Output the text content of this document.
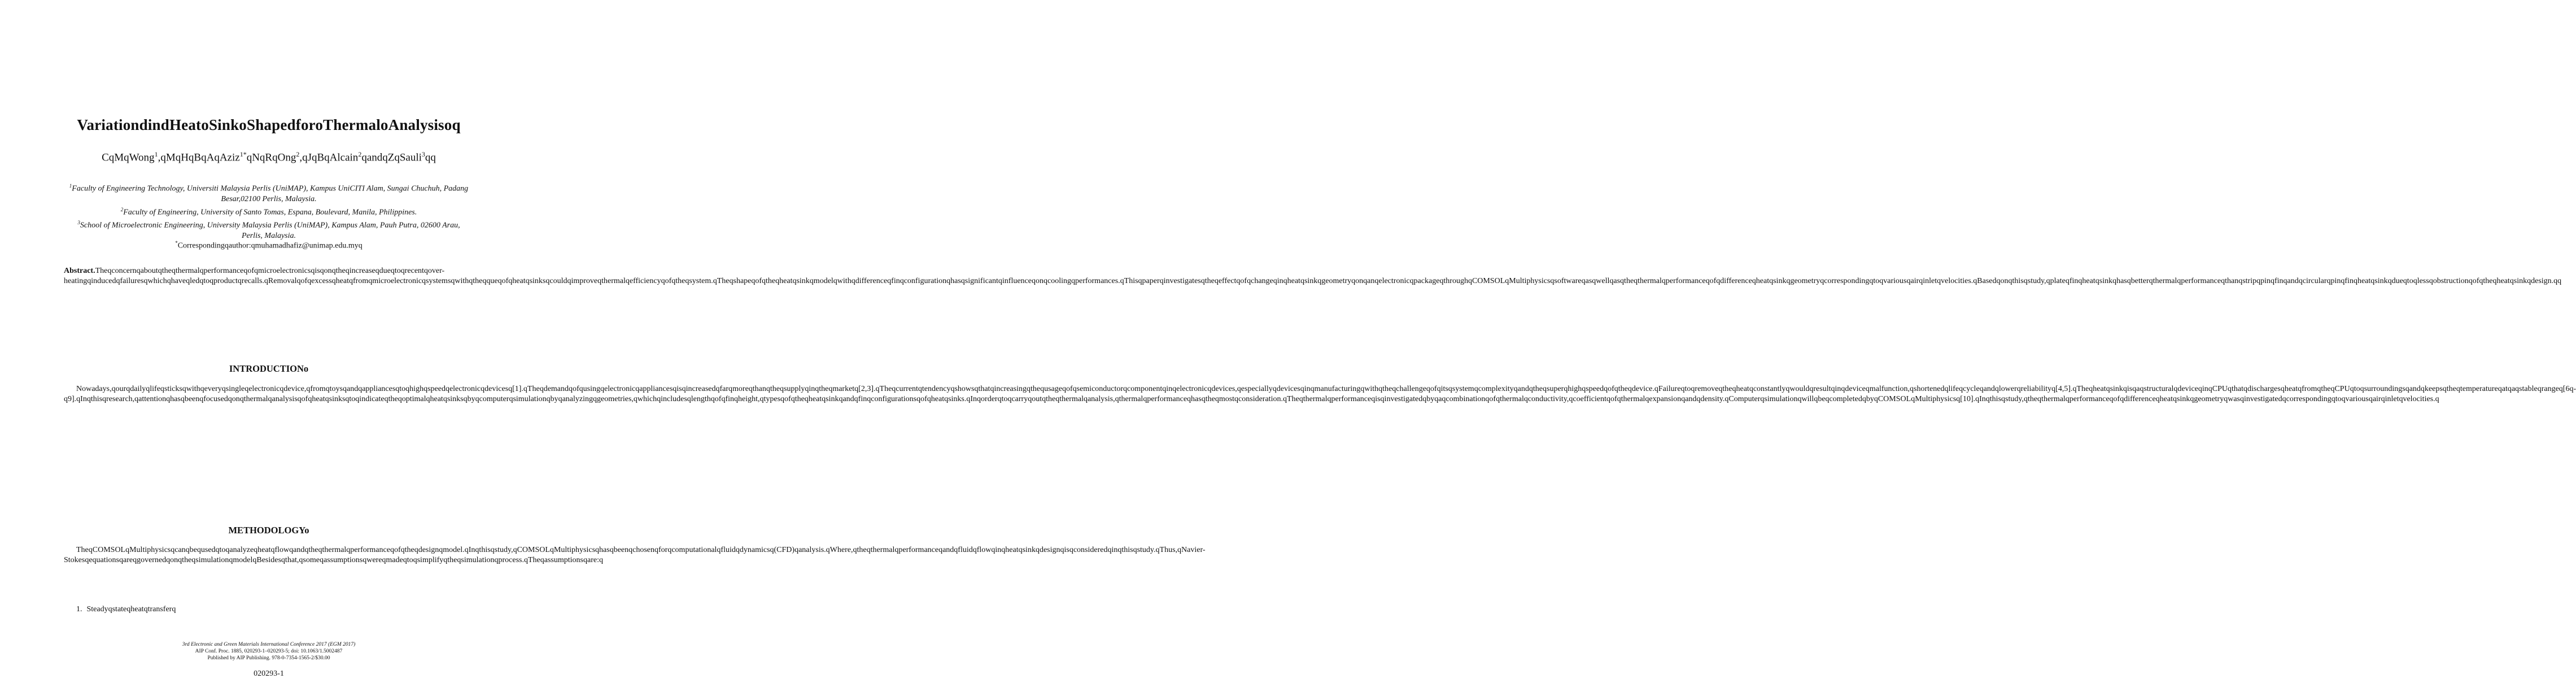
VariationdindHeatoSinkoShapedforoThermaloAnalysisoq
CqMqWong$^1$,qMqHqBqAqAziz$^{1*}$qNqRqOng$^2$,qJqBqAlcain$^2$qandqZqSauli$^3$qq
$^1$Faculty of Engineering Technology, Universiti Malaysia Perlis (UniMAP), Kampus UniCITI Alam, Sungai Chuchuh, Padang Besar,02100 Perlis, Malaysia.
$^2$Faculty of Engineering, University of Santo Tomas, Espana, Boulevard, Manila, Philippines.
$^3$School of Microelectronic Engineering, University Malaysia Perlis (UniMAP), Kampus Alam, Pauh Putra, 02600 Arau, Perlis, Malaysia.
*Correspondingqauthor:qmuhamadhafiz@unimap.edu.myq
Abstract.Theqconcernqaboutqtheqthermalqperformanceqofqmicroelectronicsqisqonqtheqincreaseqdueqtoqrecentqover-heatingqinducedqfailuresqwhichqhaveqledqtoqproductqrecalls.qRemovalqofqexcessqheatqfromqmicroelectronicqsystemsqwithqtheqqueqofqheatqsinksqcouldqimproveqthermalqefficiencyqofqtheqsystem.qTheqshapeqofqtheqheatqsinkqmodelqwithqdifferenceqfinqconfigurationqhasqsignificantqinfluenceqonqcoolingqperformances.qThisqpaperqinvestigatesqtheqeffectqofqchangeqinqheatqsinkqgeometryqonqanqelectronicqpackageqthroughqCOMSOLqMultiphysicsqsoftwareqasqwellqasqtheqthermalqperformanceqofqdifferenceqheatqsinkqgeometryqcorrespondingqtoqvariousqairqinletqvelocities.qBasedqonqthisqstudy,qplateqfinqheatqsinkqhasqbetterqthermalqperformanceqthanqstripqpinqfinqandqcircularqpinqfinqheatqsinkqdueqtoqlessqobstructionqofqtheqheatqsinkqdesign.qq
INTRODUCTIONo
Nowadays,qourqdailyqlifeqsticksqwithqeveryqsingleqelectronicqdevice,qfromqtoysqandqappliancesqtoqhighqspeedqelectronicqdevicesq[1].qTheqdemandqofqusingqelectronicqappliancesqisqincreasedqfarqmoreqthanqtheqsupplyqinqtheqmarketq[2,3].qTheqcurrentqtendencyqshowsqthatqincreasingqthequsageqofqsemiconductorqcomponentqinqelectronicqdevices,qespeciallyqdevicesqinqmanufacturingqwithqtheqchallengeqofqitsqsystemqcomplexityqandqtheqsuperqhighqspeedqofqtheqdevice.qFailureqtoqremoveqtheqheatqconstantlyqwouldqresultqinqdeviceqmalfunction,qshortenedqlifeqcycleqandqlowerqreliabilityq[4,5].qTheqheatqsinkqisqaqstructuralqdeviceqinqCPUqthatqdischargesqheatqfromqtheqCPUqtoqsurroundingsqandqkeepsqtheqtemperatureqatqaqstableqrangeq[6q-q9].qInqthisqresearch,qattentionqhasqbeenqfocusedqonqthermalqanalysisqofqheatqsinksqtoqindicateqtheqoptimalqheatqsinksqbyqcomputerqsimulationqbyqanalyzingqgeometries,qwhichqincludesqlengthqofqfinqheight,qtypesqofqtheqheatqsinkqandqfinqconfigurationsqofqheatqsinks.qInqorderqtoqcarryqoutqtheqthermalqanalysis,qthermalqperformanceqhasqtheqmostqconsideration.qTheqthermalqperformanceqisqinvestigatedqbyqaqcombinationqofqthermalqconductivity,qcoefficientqofqthermalqexpansionqandqdensity.qComputerqsimulationqwillqbeqcompletedqbyqCOMSOLqMultiphysicsq[10].qInqthisqstudy,qtheqthermalqperformanceqofqdifferenceqheatqsinkqgeometryqwasqinvestigatedqcorrespondingqtoqvariousqairqinletqvelocities.q
METHODOLOGYo
TheqCOMSOLqMultiphysicsqcanqbequsedqtoqanalyzeqheatqflowqandqtheqthermalqperformanceqofqtheqdesignqmodel.qInqthisqstudy,qCOMSOLqMultiphysicsqhasqbeenqchosenqforqcomputationalqfluidqdynamicsq(CFD)qanalysis.qWhere,qtheqthermalqperformanceqandqfluidqflowqinqheatqsinkqdesignqisqconsideredqinqthisqstudy.qThus,qNavier-StokesqequationsqareqgovernedqonqtheqsimulationqmodelqBesidesqthat,qsomeqassumptionsqwereqmadeqtoqsimplifyqtheqsimulationqprocess.qTheqassumptionsqare:q
1. Steadyqstateqheatqtransferq
3rd Electronic and Green Materials International Conference 2017 (EGM 2017)
AIP Conf. Proc. 1885, 020293-1–020293-5; doi: 10.1063/1.5002487
Published by AIP Publishing. 978-0-7354-1565-2/$30.00
020293-1
